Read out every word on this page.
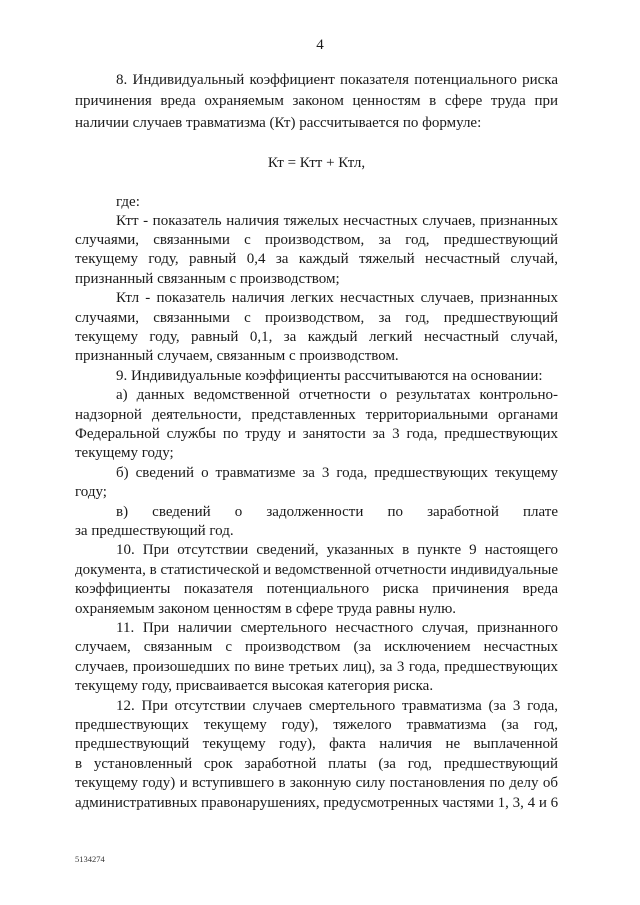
4
8. Индивидуальный коэффициент показателя потенциального риска
причинения вреда охраняемым законом ценностям в сфере труда при
наличии случаев травматизма (Кт) рассчитывается по формуле:
Кт = Ктт + Ктл,
где:
Ктт - показатель наличия тяжелых несчастных случаев, признанных
случаями, связанными с производством, за год, предшествующий
текущему году, равный 0,4 за каждый тяжелый несчастный случай,
признанный связанным с производством;
Ктл - показатель наличия легких несчастных случаев, признанных
случаями, связанными с производством, за год, предшествующий
текущему году, равный 0,1, за каждый легкий несчастный случай,
признанный случаем, связанным с производством.
9. Индивидуальные коэффициенты рассчитываются на основании:
а) данных ведомственной отчетности о результатах контрольно-
надзорной деятельности, представленных территориальными органами
Федеральной службы по труду и занятости за 3 года, предшествующих
текущему году;
б) сведений о травматизме за 3 года, предшествующих текущему
году;
в) сведений о задолженности по заработной плате
за предшествующий год.
10. При отсутствии сведений, указанных в пункте 9 настоящего
документа, в статистической и ведомственной отчетности индивидуальные
коэффициенты показателя потенциального риска причинения вреда
охраняемым законом ценностям в сфере труда равны нулю.
11. При наличии смертельного несчастного случая, признанного
случаем, связанным с производством (за исключением несчастных
случаев, произошедших по вине третьих лиц), за 3 года, предшествующих
текущему году, присваивается высокая категория риска.
12. При отсутствии случаев смертельного травматизма (за 3 года,
предшествующих текущему году), тяжелого травматизма (за год,
предшествующий текущему году), факта наличия не выплаченной
в установленный срок заработной платы (за год, предшествующий
текущему году) и вступившего в законную силу постановления по делу об
административных правонарушениях, предусмотренных частями 1, 3, 4 и 6
5134274
